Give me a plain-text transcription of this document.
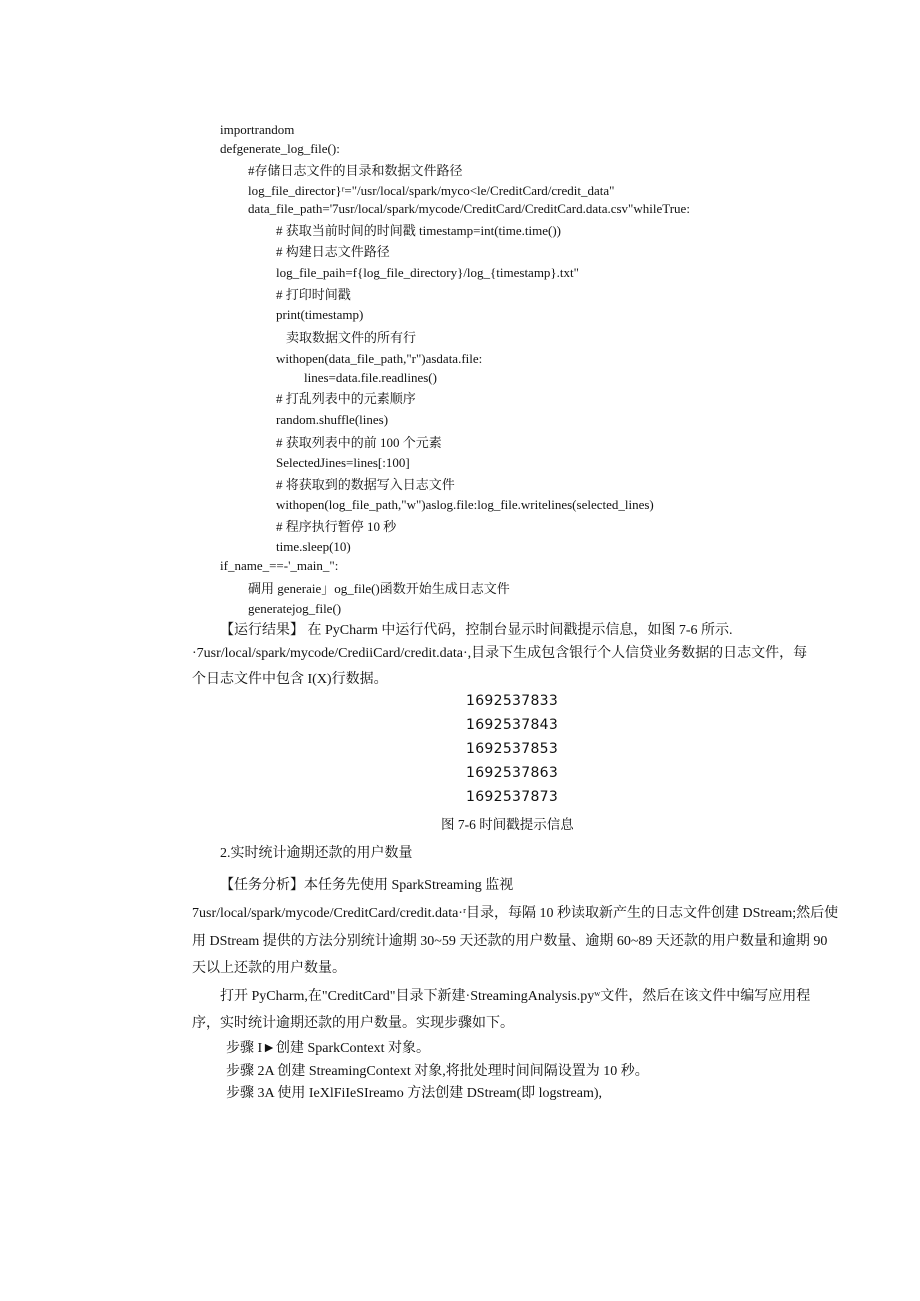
importrandom
defgenerate_log_file():
#存储日志文件的目录和数据文件路径
log_file_director}ʳ="/usr/local/spark/myco<le/CreditCard/credit_data"
data_file_path='7usr/local/spark/mycode/CreditCard/CreditCard.data.csv"whileTrue:
# 获取当前时间的时间戳 timestamp=int(time.time())
# 构建日志文件路径
log_file_paih=f{log_file_directory}/log_{timestamp}.txt"
# 打印时间戳
print(timestamp)
卖取数据文件的所有行
withopen(data_file_path,"r")asdata.file:
lines=data.file.readlines()
# 打乱列表中的元素顺序
random.shuffle(lines)
# 获取列表中的前 100 个元素
SelectedJines=lines[:100]
# 将获取到的数据写入日志文件
withopen(log_file_path,"w")aslog.file:log_file.writelines(selected_lines)
# 程序执行暂停 10 秒
time.sleep(10)
if_name_==-'_main_":
碉用 generaie」og_file()函数开始生成日志文件
generatejog_file()
【运行结果】 在 PyCharm 中运行代码，控制台显示时间戳提示信息，如图 7-6 所示.
·7usr/local/spark/mycode/CrediiCard/credit.data·,目录下生成包含银行个人信贷业务数据的日志文件，每
个日志文件中包含 I(X)行数据。
1692537833
1692537843
1692537853
1692537863
1692537873
图 7-6 时间戳提示信息
2.实时统计逾期还款的用户数量
【任务分析】本任务先使用 SparkStreaming 监视
7usr/local/spark/mycode/CreditCard/credit.data·ʳ目录，每隔 10 秒读取新产生的日志文件创建 DStream;然后使
用 DStream 提供的方法分别统计逾期 30~59 天还款的用户数量、逾期 60~89 天还款的用户数量和逾期 90
天以上还款的用户数量。
打开 PyCharm,在"CreditCard"目录下新建·StreamingAnalysis.pyʷ文件，然后在该文件中编写应用程
序，实时统计逾期还款的用户数量。实现步骤如下。
步骤 I►创建 SparkContext 对象。
步骤 2A 创建 StreamingContext 对象,将批处理时间间隔设置为 10 秒。
步骤 3A 使用 IeXlFiIeSIreamo 方法创建 DStream(即 logstream),
